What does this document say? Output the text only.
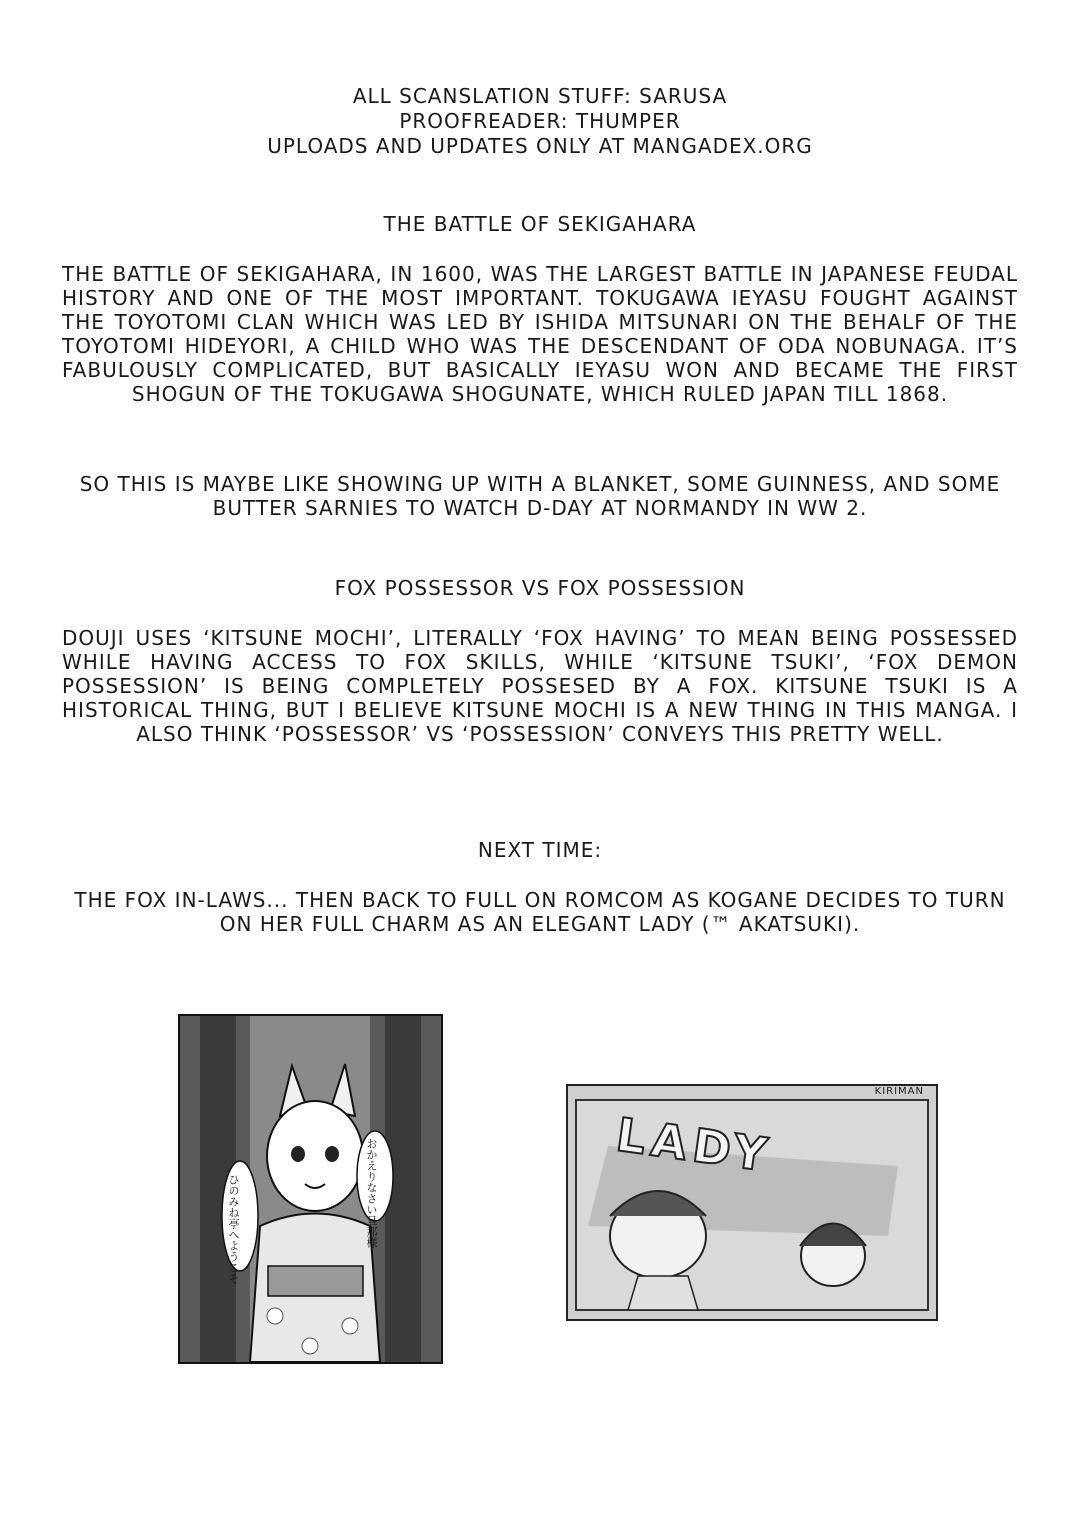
ALL SCANSLATION STUFF: SARUSA

PROOFREADER: THUMPER

UPLOADS AND UPDATES ONLY AT MANGADEX.ORG

THE BATTLE OF SEKIGAHARA

THE BATTLE OF SEKIGAHARA, IN 1600, WAS THE LARGEST BATTLE IN JAPANESE FEUDAL HISTORY AND ONE OF THE MOST IMPORTANT. TOKUGAWA IEYASU FOUGHT AGAINST THE TOYOTOMI CLAN WHICH WAS LED BY ISHIDA MITSUNARI ON THE BEHALF OF THE TOYOTOMI HIDEYORI, A CHILD WHO WAS THE DESCENDANT OF ODA NOBUNAGA. IT’S FABULOUSLY COMPLICATED, BUT BASICALLY IEYASU WON AND BECAME THE FIRST SHOGUN OF THE TOKUGAWA SHOGUNATE, WHICH RULED JAPAN TILL 1868.

SO THIS IS MAYBE LIKE SHOWING UP WITH A BLANKET, SOME GUINNESS, AND SOME BUTTER SARNIES TO WATCH D-DAY AT NORMANDY IN WW 2.

FOX POSSESSOR VS FOX POSSESSION

DOUJI USES ‘KITSUNE MOCHI’, LITERALLY ‘FOX HAVING’ TO MEAN BEING POSSESSED WHILE HAVING ACCESS TO FOX SKILLS, WHILE ‘KITSUNE TSUKI’, ‘FOX DEMON POSSESSION’ IS BEING COMPLETELY POSSESED BY A FOX. KITSUNE TSUKI IS A HISTORICAL THING, BUT I BELIEVE KITSUNE MOCHI IS A NEW THING IN THIS MANGA. I ALSO THINK ‘POSSESSOR’ VS ‘POSSESSION’ CONVEYS THIS PRETTY WELL.

NEXT TIME:

THE FOX IN-LAWS... THEN BACK TO FULL ON ROMCOM AS KOGANE DECIDES TO TURN ON HER FULL CHARM AS AN ELEGANT LADY (™ AKATSUKI).

おかえりなさい旦那様
ひのみね亭へようこそ
KIRIMAN
LADY
